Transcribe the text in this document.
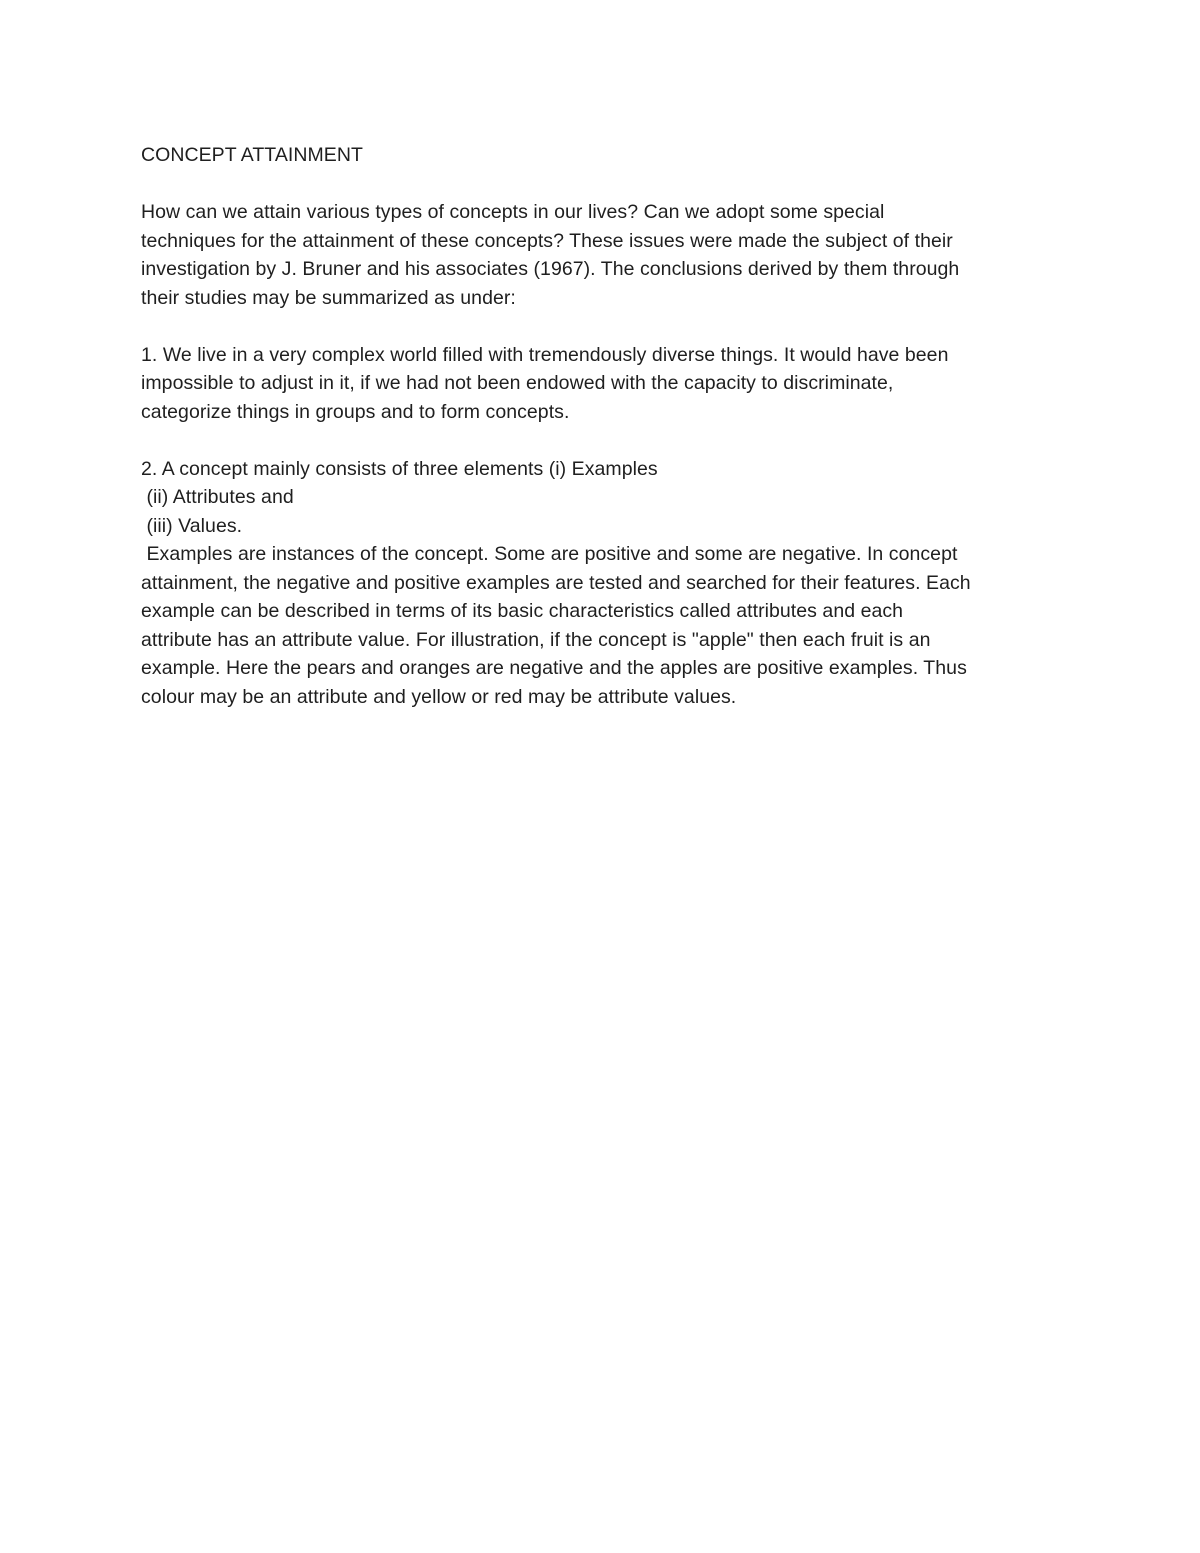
CONCEPT ATTAINMENT
How can we attain various types of concepts in our lives? Can we adopt some special
techniques for the attainment of these concepts? These issues were made the subject of their
investigation by J. Bruner and his associates (1967). The conclusions derived by them through
their studies may be summarized as under:
1. We live in a very complex world filled with tremendously diverse things. It would have been
impossible to adjust in it, if we had not been endowed with the capacity to discriminate,
categorize things in groups and to form concepts.
2. A concept mainly consists of three elements (i) Examples
(ii) Attributes and
(iii) Values.
Examples are instances of the concept. Some are positive and some are negative. In concept
attainment, the negative and positive examples are tested and searched for their features. Each
example can be described in terms of its basic characteristics called attributes and each
attribute has an attribute value. For illustration, if the concept is "apple" then each fruit is an
example. Here the pears and oranges are negative and the apples are positive examples. Thus
colour may be an attribute and yellow or red may be attribute values.
